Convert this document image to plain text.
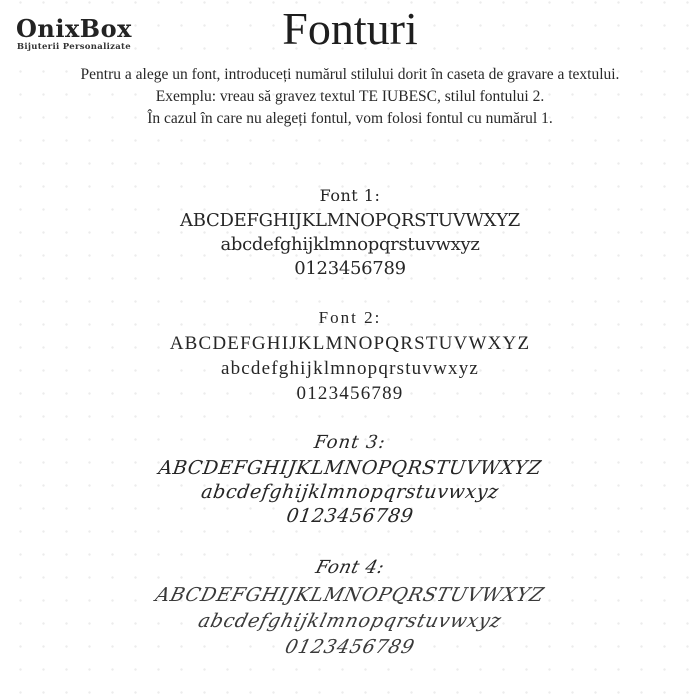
OnixBox
Bijuterii Personalizate	Fonturi
Pentru a alege un font, introduceți numărul stilului dorit în caseta de gravare a textului.
Exemplu: vreau să gravez textul TE IUBESC, stilul fontului 2.
În cazul în care nu alegeți fontul, vom folosi fontul cu numărul 1.
Font 1:
ABCDEFGHIJKLMNOPQRSTUVWXYZ
abcdefghijklmnopqrstuvwxyz
0123456789
Font 2:
ABCDEFGHIJKLMNOPQRSTUVWXYZ
abcdefghijklmnopqrstuvwxyz
0123456789
Font 3:
ABCDEFGHIJKLMNOPQRSTUVWXYZ
abcdefghijklmnopqrstuvwxyz
0123456789
Font 4:
ABCDEFGHIJKLMNOPQRSTUVWXYZ
abcdefghijklmnopqrstuvwxyz
0123456789
